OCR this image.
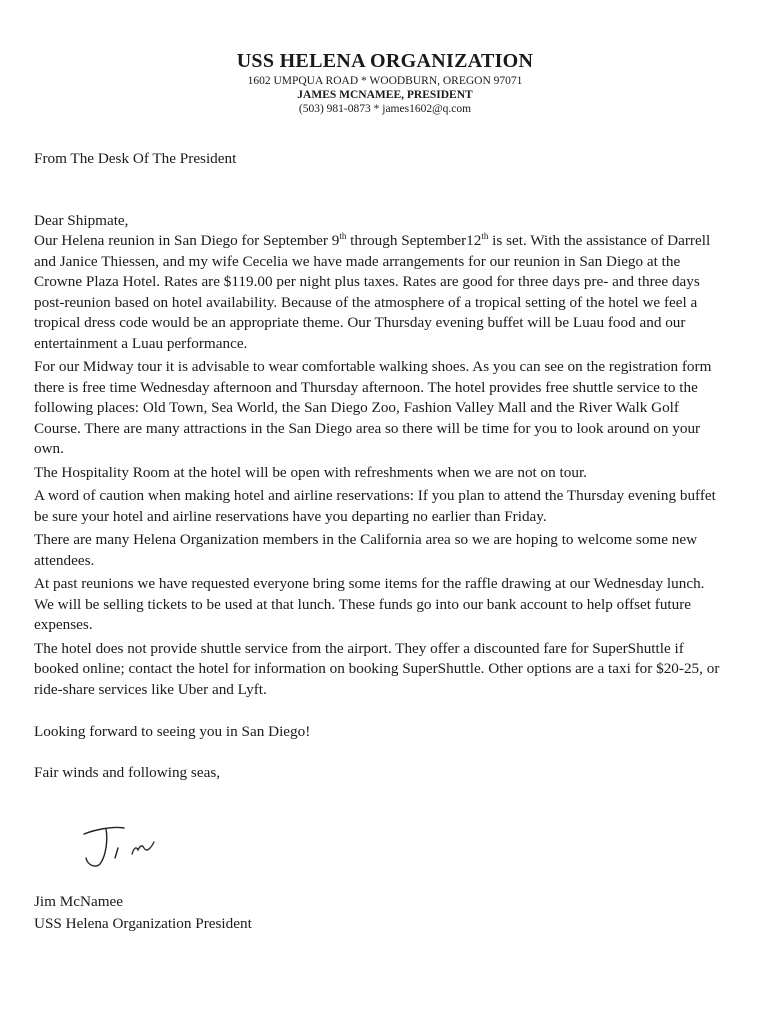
USS HELENA ORGANIZATION
1602 UMPQUA ROAD * WOODBURN, OREGON 97071
JAMES MCNAMEE, PRESIDENT
(503) 981-0873 * james1602@q.com

From The Desk Of The President

Dear Shipmate,

Our Helena reunion in San Diego for September 9th through September12th is set. With the assistance of Darrell and Janice Thiessen, and my wife Cecelia we have made arrangements for our reunion in San Diego at the Crowne Plaza Hotel. Rates are $119.00 per night plus taxes. Rates are good for three days pre- and three days post-reunion based on hotel availability. Because of the atmosphere of a tropical setting of the hotel we feel a tropical dress code would be an appropriate theme. Our Thursday evening buffet will be Luau food and our entertainment a Luau performance.

For our Midway tour it is advisable to wear comfortable walking shoes. As you can see on the registration form there is free time Wednesday afternoon and Thursday afternoon. The hotel provides free shuttle service to the following places: Old Town, Sea World, the San Diego Zoo, Fashion Valley Mall and the River Walk Golf Course. There are many attractions in the San Diego area so there will be time for you to look around on your own.

The Hospitality Room at the hotel will be open with refreshments when we are not on tour.

A word of caution when making hotel and airline reservations: If you plan to attend the Thursday evening buffet be sure your hotel and airline reservations have you departing no earlier than Friday.

There are many Helena Organization members in the California area so we are hoping to welcome some new attendees.

At past reunions we have requested everyone bring some items for the raffle drawing at our Wednesday lunch. We will be selling tickets to be used at that lunch. These funds go into our bank account to help offset future expenses.

The hotel does not provide shuttle service from the airport. They offer a discounted fare for SuperShuttle if booked online; contact the hotel for information on booking SuperShuttle. Other options are a taxi for $20-25, or ride-share services like Uber and Lyft.

Looking forward to seeing you in San Diego!

Fair winds and following seas,

Jim McNamee
USS Helena Organization President
